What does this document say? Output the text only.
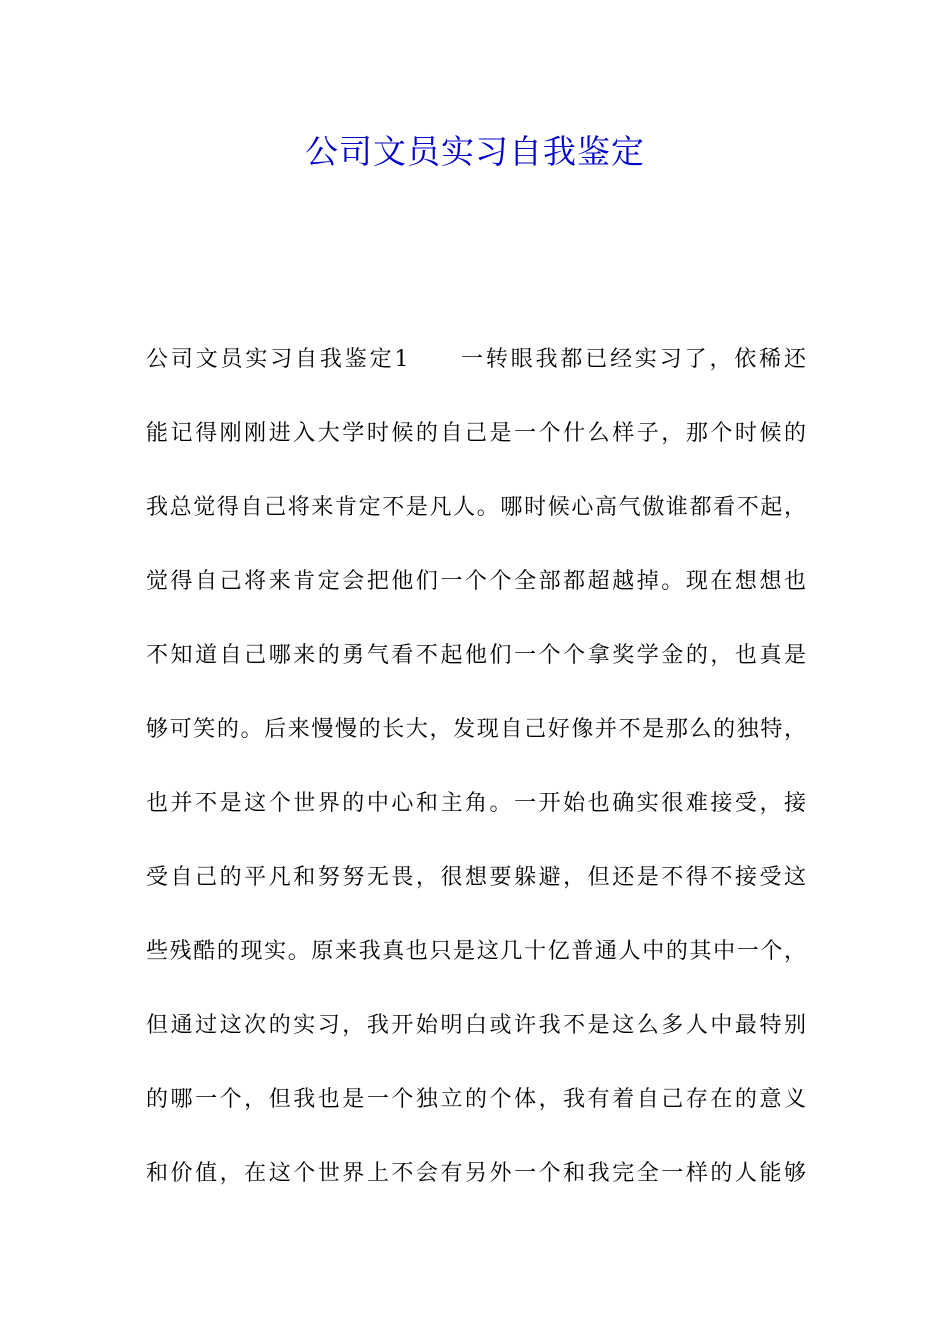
公司文员实习自我鉴定
公司文员实习自我鉴定1　　一转眼我都已经实习了，依稀还
能记得刚刚进入大学时候的自己是一个什么样子，那个时候的
我总觉得自己将来肯定不是凡人。哪时候心高气傲谁都看不起，
觉得自己将来肯定会把他们一个个全部都超越掉。现在想想也
不知道自己哪来的勇气看不起他们一个个拿奖学金的，也真是
够可笑的。后来慢慢的长大，发现自己好像并不是那么的独特，
也并不是这个世界的中心和主角。一开始也确实很难接受，接
受自己的平凡和努努无畏，很想要躲避，但还是不得不接受这
些残酷的现实。原来我真也只是这几十亿普通人中的其中一个，
但通过这次的实习，我开始明白或许我不是这么多人中最特别
的哪一个，但我也是一个独立的个体，我有着自己存在的意义
和价值，在这个世界上不会有另外一个和我完全一样的人能够
